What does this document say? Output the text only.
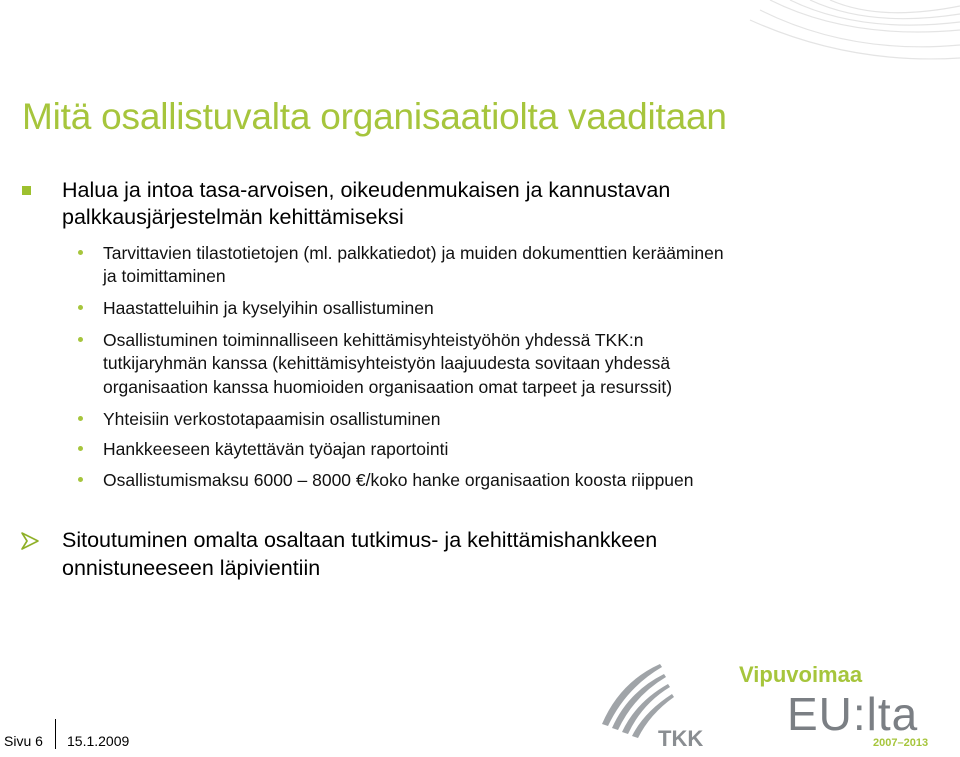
Mitä osallistuvalta organisaatiolta vaaditaan
Halua ja intoa tasa-arvoisen, oikeudenmukaisen ja kannustavan
palkkausjärjestelmän kehittämiseksi
Tarvittavien tilastotietojen (ml. palkkatiedot) ja muiden dokumenttien kerääminen
ja toimittaminen
Haastatteluihin ja kyselyihin osallistuminen
Osallistuminen toiminnalliseen kehittämisyhteistyöhön yhdessä TKK:n
tutkijaryhmän kanssa (kehittämisyhteistyön laajuudesta sovitaan yhdessä
organisaation kanssa huomioiden organisaation omat tarpeet ja resurssit)
Yhteisiin verkostotapaamisin osallistuminen
Hankkeeseen käytettävän työajan raportointi
Osallistumismaksu 6000 – 8000 €/koko hanke organisaation koosta riippuen
Sitoutuminen omalta osaltaan tutkimus- ja kehittämishankkeen
onnistuneeseen läpivientiin
Sivu 6 15.1.2009	TKK
Vipuvoimaa
EU:lta
2007–2013
